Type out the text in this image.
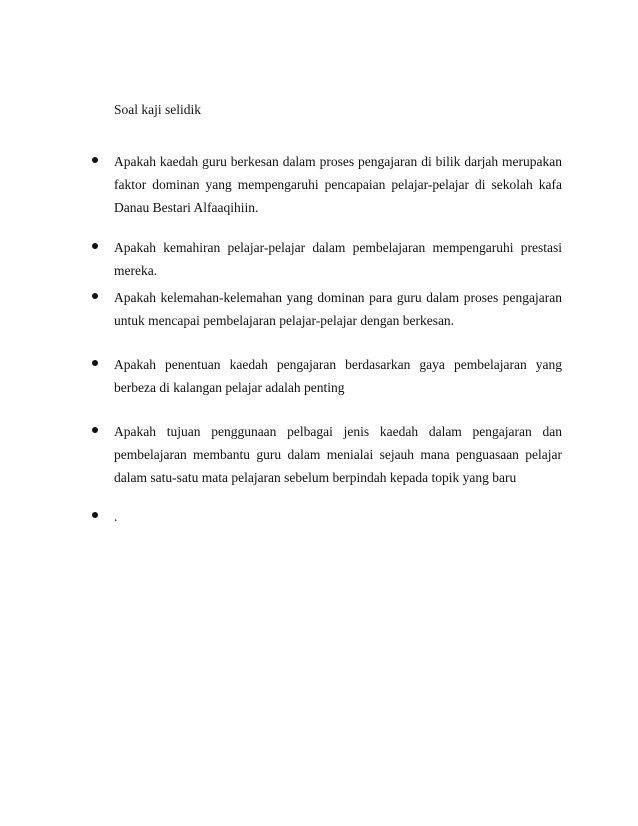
Soal kaji selidik

Apakah kaedah guru berkesan dalam proses pengajaran di bilik darjah merupakan faktor dominan yang mempengaruhi pencapaian pelajar-pelajar di sekolah kafa Danau Bestari Alfaaqihiin.
Apakah kemahiran pelajar-pelajar dalam pembelajaran mempengaruhi prestasi mereka.
Apakah kelemahan-kelemahan yang dominan para guru dalam proses pengajaran untuk mencapai pembelajaran pelajar-pelajar dengan berkesan.
Apakah penentuan kaedah pengajaran berdasarkan gaya pembelajaran yang berbeza di kalangan pelajar adalah penting
Apakah tujuan penggunaan pelbagai jenis kaedah dalam pengajaran dan pembelajaran membantu guru dalam menialai sejauh mana penguasaan pelajar dalam satu-satu mata pelajaran sebelum berpindah kepada topik yang baru
.
